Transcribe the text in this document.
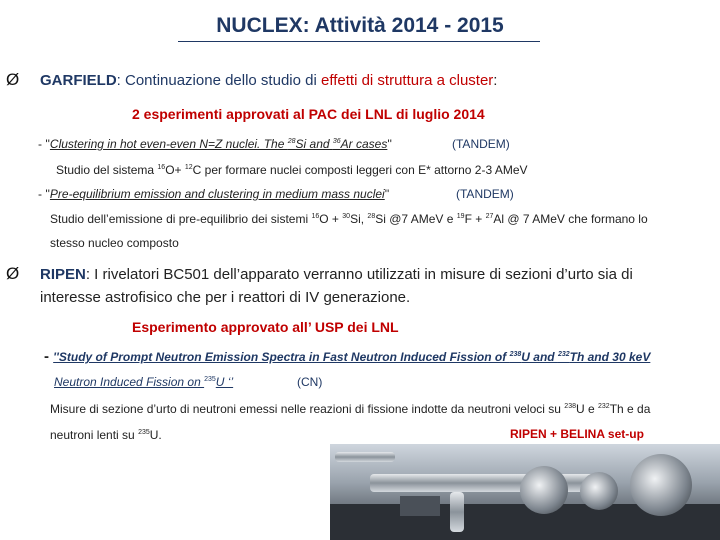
NUCLEX: Attività 2014 - 2015
Ø GARFIELD: Continuazione dello studio di effetti di struttura a cluster:
2 esperimenti approvati al PAC dei LNL di luglio 2014
- ''Clustering in hot even-even N=Z nuclei. The $^{28}$Si and $^{36}$Ar cases''	(TANDEM)
Studio del sistema $^{16}$O+ $^{12}$C per formare nuclei composti leggeri con E* attorno 2-3 AMeV
- ''Pre-equilibrium emission and clustering in medium mass nuclei''	(TANDEM)
Studio dell’emissione di pre-equilibrio dei sistemi $^{16}$O + $^{30}$Si, $^{28}$Si @7 AMeV e $^{19}$F + $^{27}$Al @ 7 AMeV che formano lo
stesso nucleo composto
Ø RIPEN: I rivelatori BC501 dell’apparato verranno utilizzati in misure di sezioni d’urto sia di
interesse astrofisico che per i reattori di IV generazione.
Esperimento approvato all’ USP dei LNL
- ''Study of Prompt Neutron Emission Spectra in Fast Neutron Induced Fission of $^{238}$U and $^{232}$Th and 30 keV
Neutron Induced Fission on $^{235}$U ‘’	(CN)
Misure di sezione d’urto di neutroni emessi nelle reazioni di fissione indotte da neutroni veloci su $^{238}$U e $^{232}$Th e da
neutroni lenti su $^{235}$U.	RIPEN + BELINA set-up
